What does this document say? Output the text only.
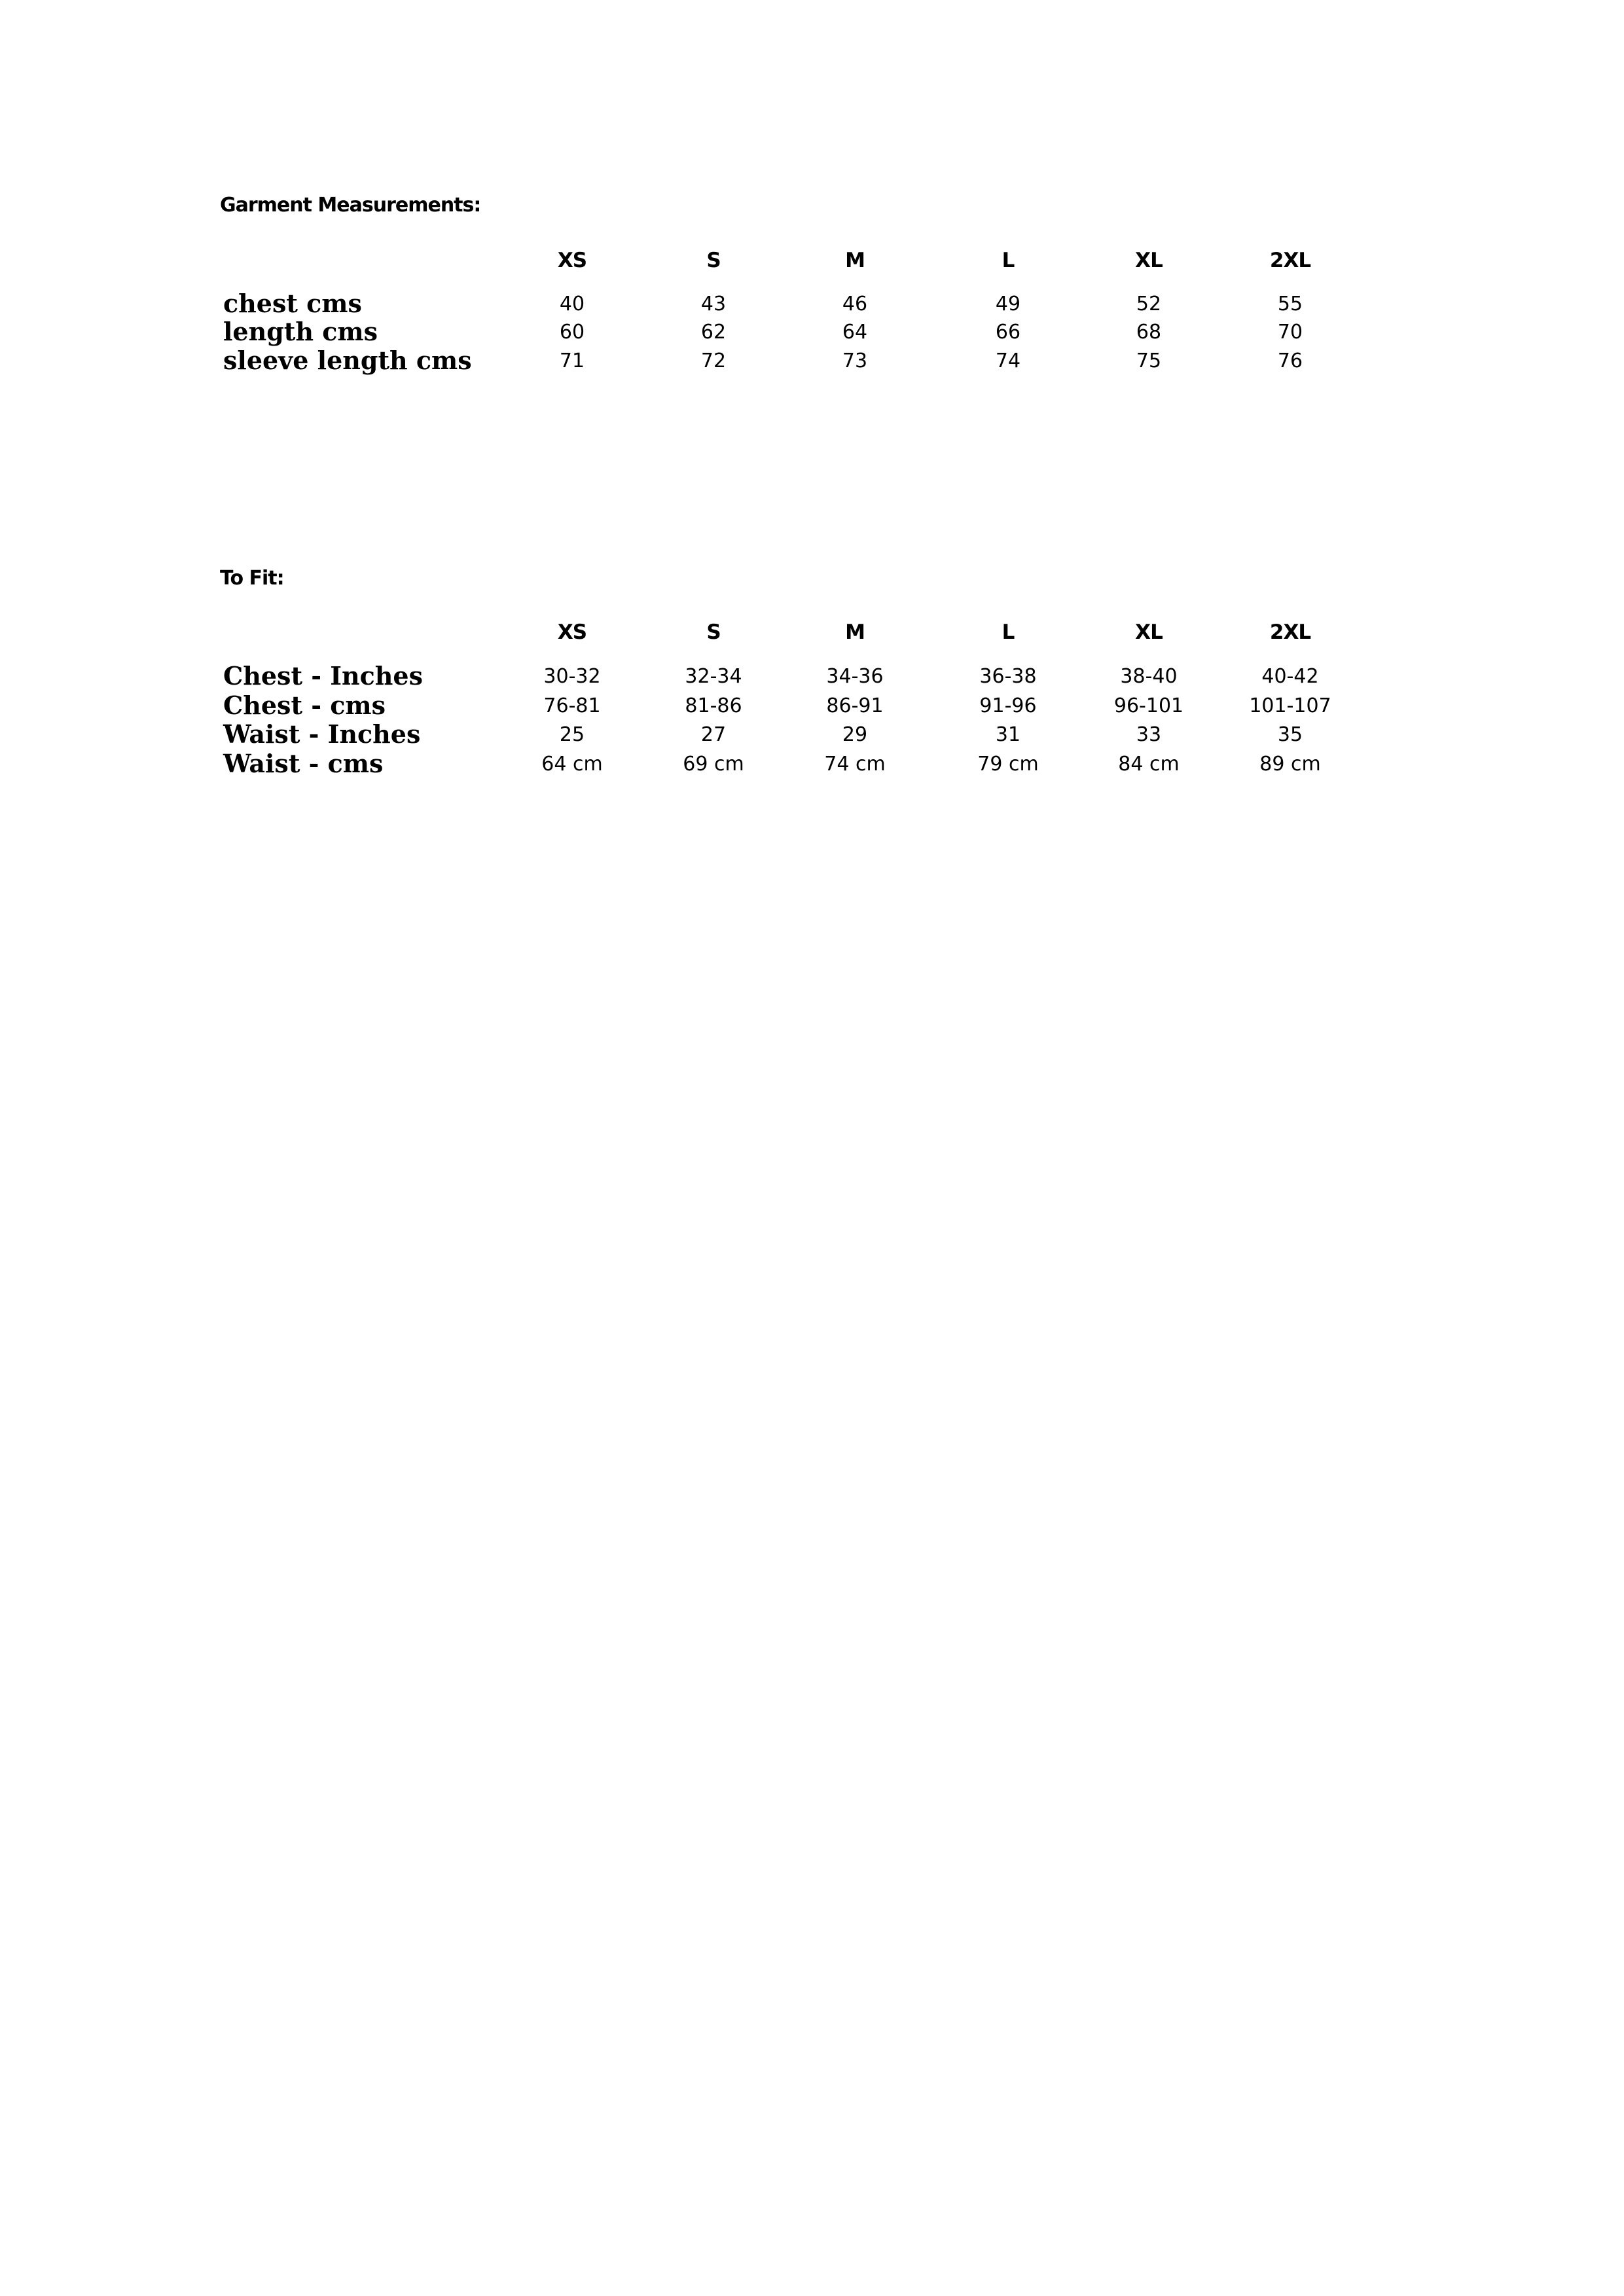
Garment Measurements:
XS	S	M	L	XL	2XL
chest cms	40	43	46	49	52	55
length cms	60	62	64	66	68	70
sleeve length cms	71	72	73	74	75	76
To Fit:
XS	S	M	L	XL	2XL
Chest - Inches	30-32	32-34	34-36	36-38	38-40	40-42
Chest - cms	76-81	81-86	86-91	91-96	96-101	101-107
Waist - Inches	25	27	29	31	33	35
Waist - cms	64 cm	69 cm	74 cm	79 cm	84 cm	89 cm
